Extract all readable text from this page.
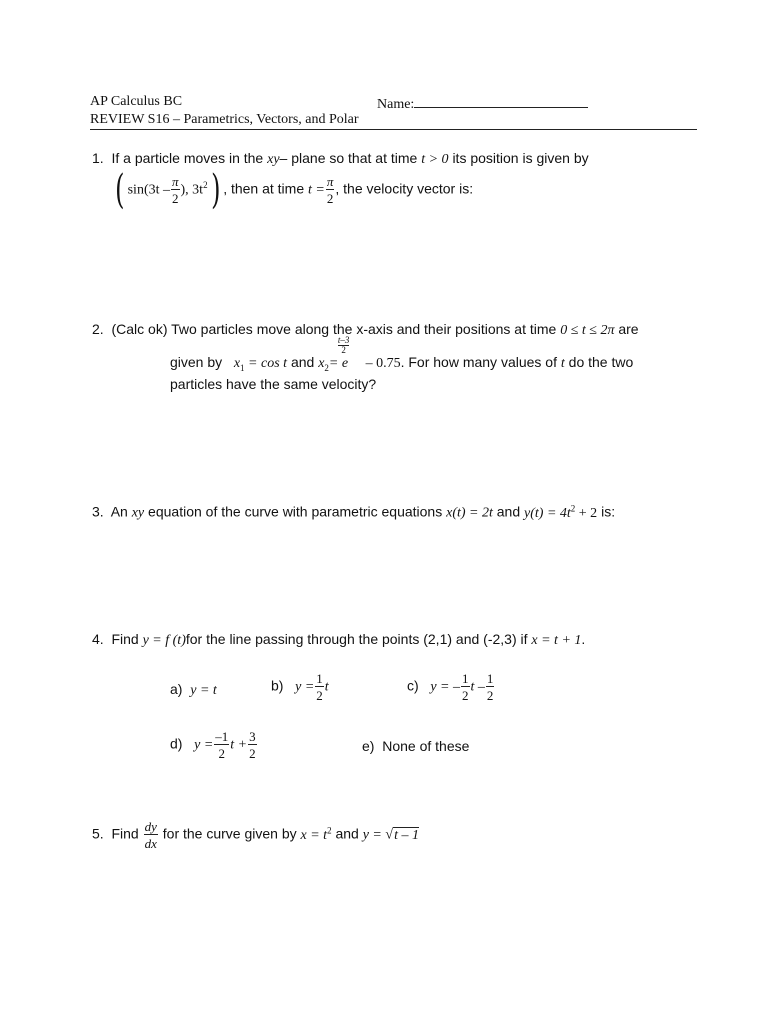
AP Calculus BC	Name:
REVIEW S16 – Parametrics, Vectors, and Polar
1. If a particle moves in the xy– plane so that at time t > 0 its position is given by
( $\sin(3t - \frac{\pi}{2}$ ), $3t^2$) , then at time $t = \frac{\pi}{2}$ , the velocity vector is:
2. (Calc ok) Two particles move along the x-axis and their positions at time 0 ≤ t ≤ 2π are
given by $x_1 = \cos t$ and $x_2= e$
$\frac{t-3}{2}$
– 0.75. For how many values of t do the two
particles have the same velocity?
3. An xy equation of the curve with parametric equations x(t) = 2t and $y(t) = 4t^2 + 2$ is:
4. Find y = f (t)for the line passing through the points (2,1) and (-2,3) if x = t + 1.
a) y = t	b) $y = \frac{1}{2}$ t	c) y = – $\frac{1}{2}$ t – $\frac{1}{2}$
d) $y = \frac{-1}{2}$ $t + \frac{3}{2}$	e) None of these
5. Find $\frac{dy}{dx}$ for the curve given by $x = t^2$ and y = √t – 1
